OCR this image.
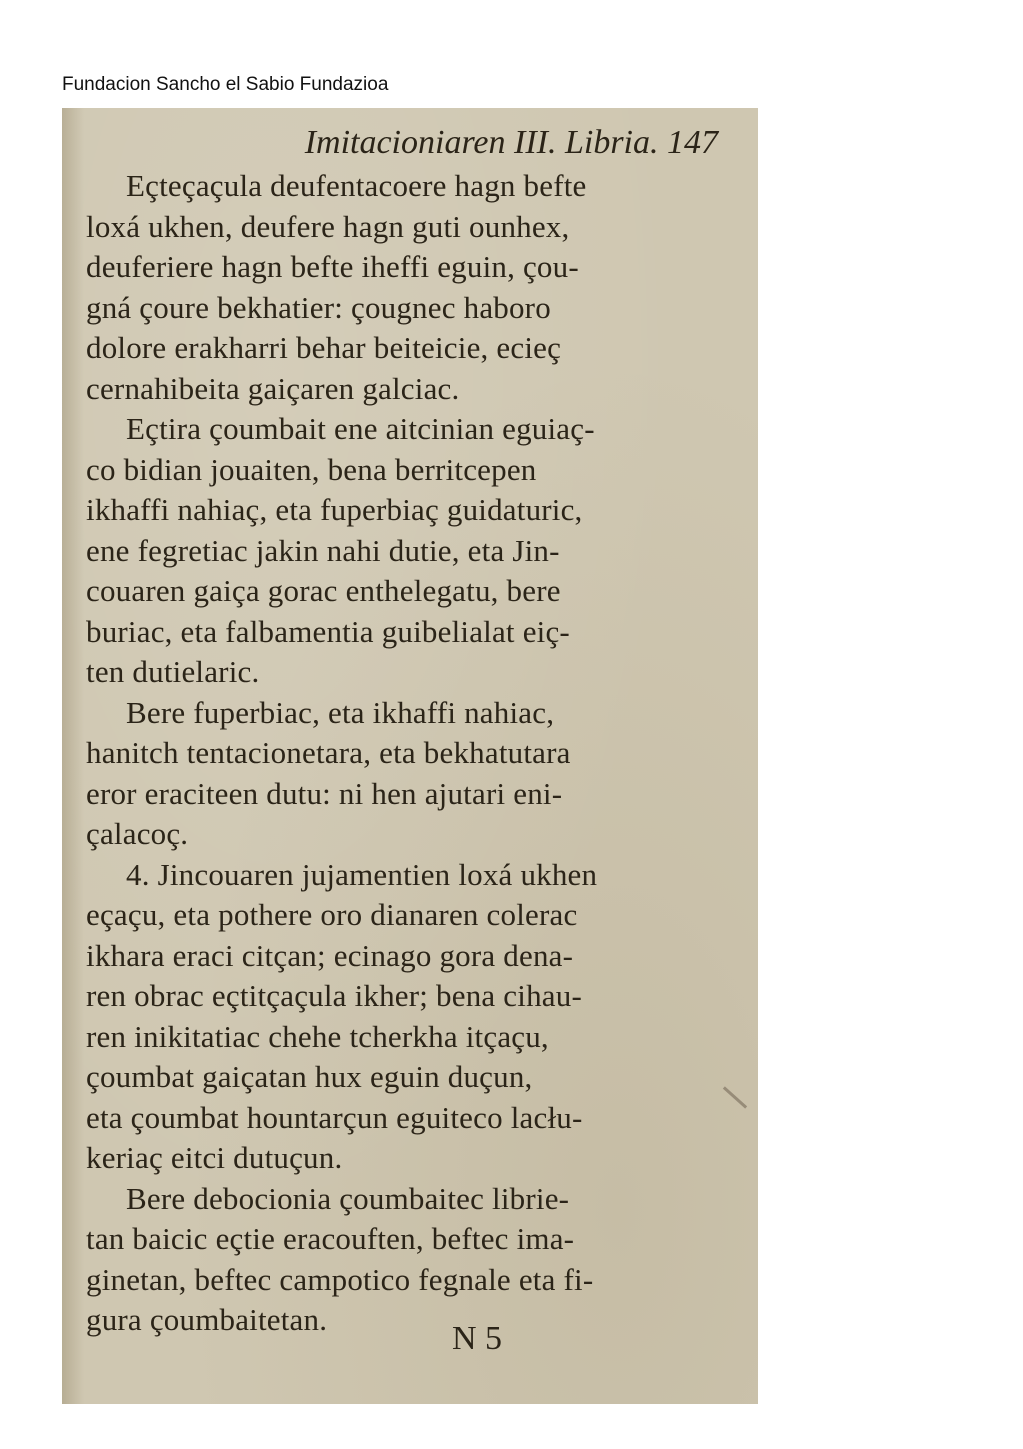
Fundacion Sancho el Sabio Fundazioa
Imitacioniaren III. Libria. 147
Eçteçaçula deufentacoere hagn befte
loxá ukhen, deufere hagn guti ounhex,
deuferiere hagn befte iheffi eguin, çou-
gná çoure bekhatier: çougnec haboro
dolore erakharri behar beiteicie, ecieç
cernahibeita gaiçaren galciac.
Eçtira çoumbait ene aitcinian eguiaç-
co bidian jouaiten, bena berritcepen
ikhaffi nahiaç, eta fuperbiaç guidaturic,
ene fegretiac jakin nahi dutie, eta Jin-
couaren gaiça gorac enthelegatu, bere
buriac, eta falbamentia guibelialat eiç-
ten dutielaric.
Bere fuperbiac, eta ikhaffi nahiac,
hanitch tentacionetara, eta bekhatutara
eror eraciteen dutu: ni hen ajutari eni-
çalacoç.
4. Jincouaren jujamentien loxá ukhen
eçaçu, eta pothere oro dianaren colerac
ikhara eraci citçan; ecinago gora dena-
ren obrac eçtitçaçula ikher; bena cihau-
ren inikitatiac chehe tcherkha itçaçu,
çoumbat gaiçatan hux eguin duçun,
eta çoumbat hountarçun eguiteco lacłu-
keriaç eitci dutuçun.
Bere debocionia çoumbaitec librie-
tan baicic eçtie eracouften, beftec ima-
ginetan, beftec campotico fegnale eta fi-
gura çoumbaitetan.
N 5
